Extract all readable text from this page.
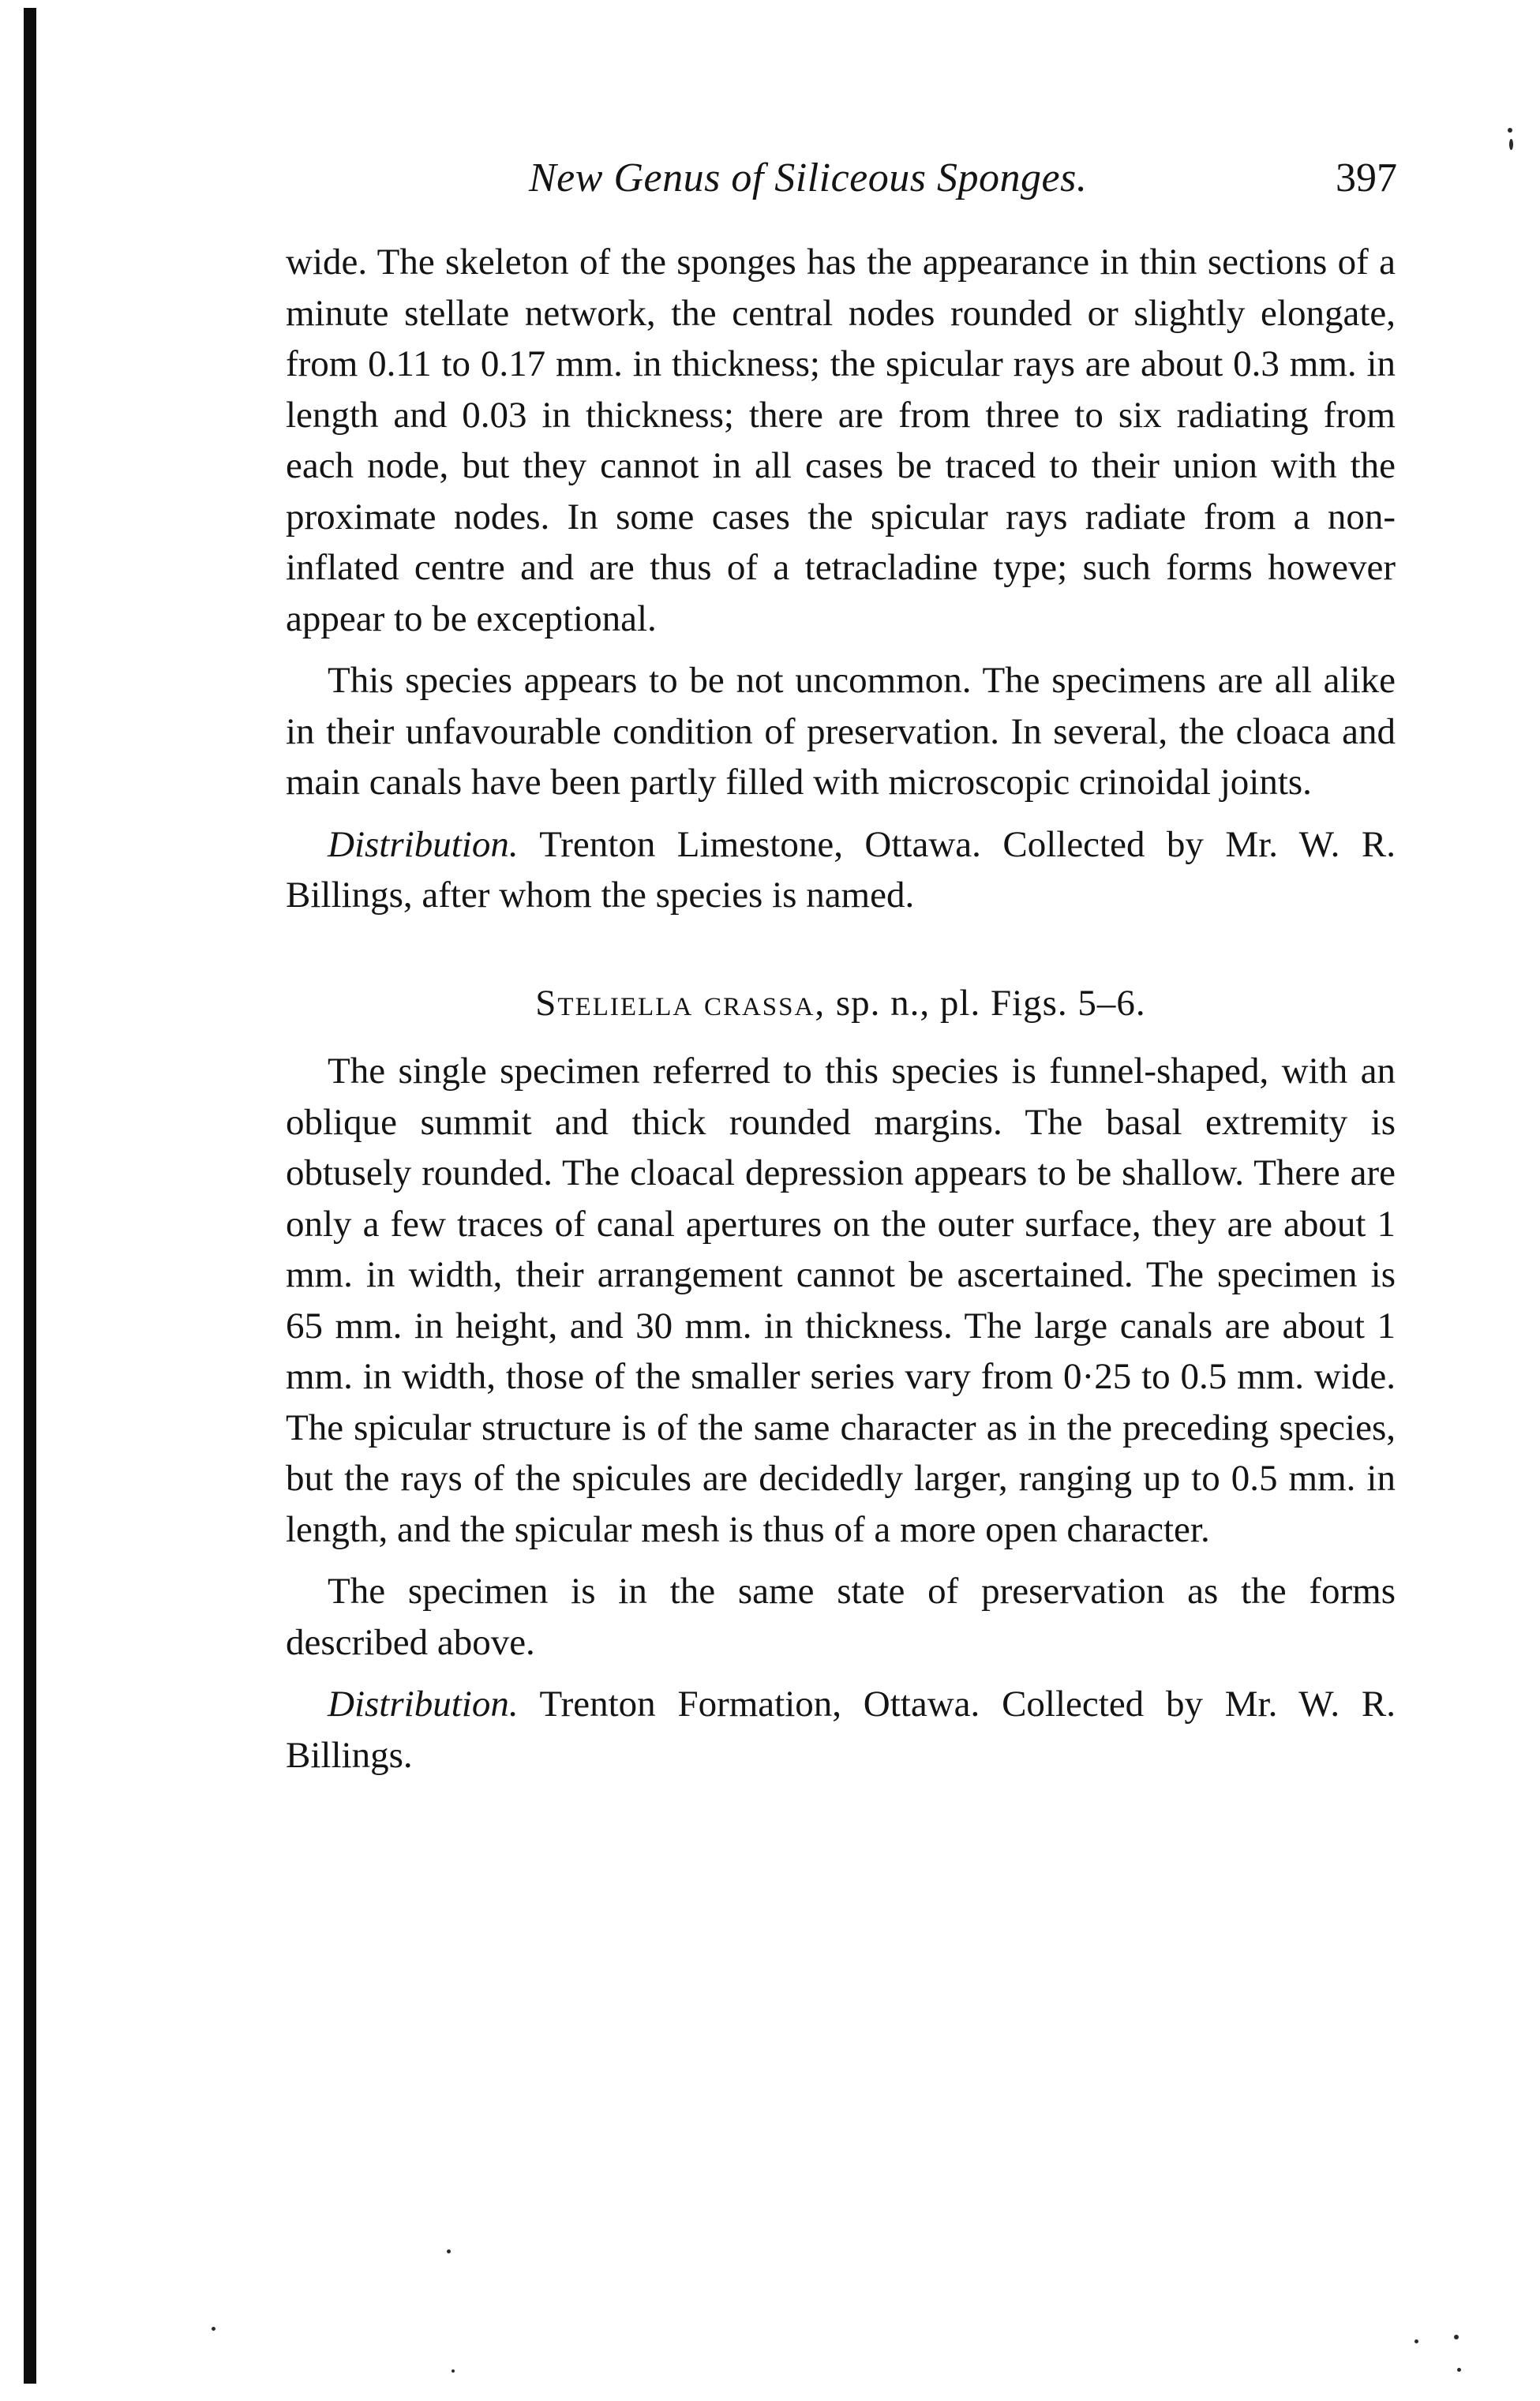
New Genus of Siliceous Sponges.	397

wide. The skeleton of the sponges has the appearance in thin sections of a minute stellate network, the central nodes rounded or slightly elongate, from 0.11 to 0.17 mm. in thickness; the spicular rays are about 0.3 mm. in length and 0.03 in thickness; there are from three to six radiating from each node, but they cannot in all cases be traced to their union with the proximate nodes. In some cases the spicular rays radiate from a non-inflated centre and are thus of a tetracladine type; such forms however appear to be exceptional.

This species appears to be not uncommon. The specimens are all alike in their unfavourable condition of preservation. In several, the cloaca and main canals have been partly filled with microscopic crinoidal joints.

Distribution. Trenton Limestone, Ottawa. Collected by Mr. W. R. Billings, after whom the species is named.

Steliella crassa, sp. n., pl. Figs. 5–6.

The single specimen referred to this species is funnel-shaped, with an oblique summit and thick rounded margins. The basal extremity is obtusely rounded. The cloacal depression appears to be shallow. There are only a few traces of canal apertures on the outer surface, they are about 1 mm. in width, their arrangement cannot be ascertained. The specimen is 65 mm. in height, and 30 mm. in thickness. The large canals are about 1 mm. in width, those of the smaller series vary from 0·25 to 0.5 mm. wide. The spicular structure is of the same character as in the preceding species, but the rays of the spicules are decidedly larger, ranging up to 0.5 mm. in length, and the spicular mesh is thus of a more open character.

The specimen is in the same state of preservation as the forms described above.

Distribution. Trenton Formation, Ottawa. Collected by Mr. W. R. Billings.
